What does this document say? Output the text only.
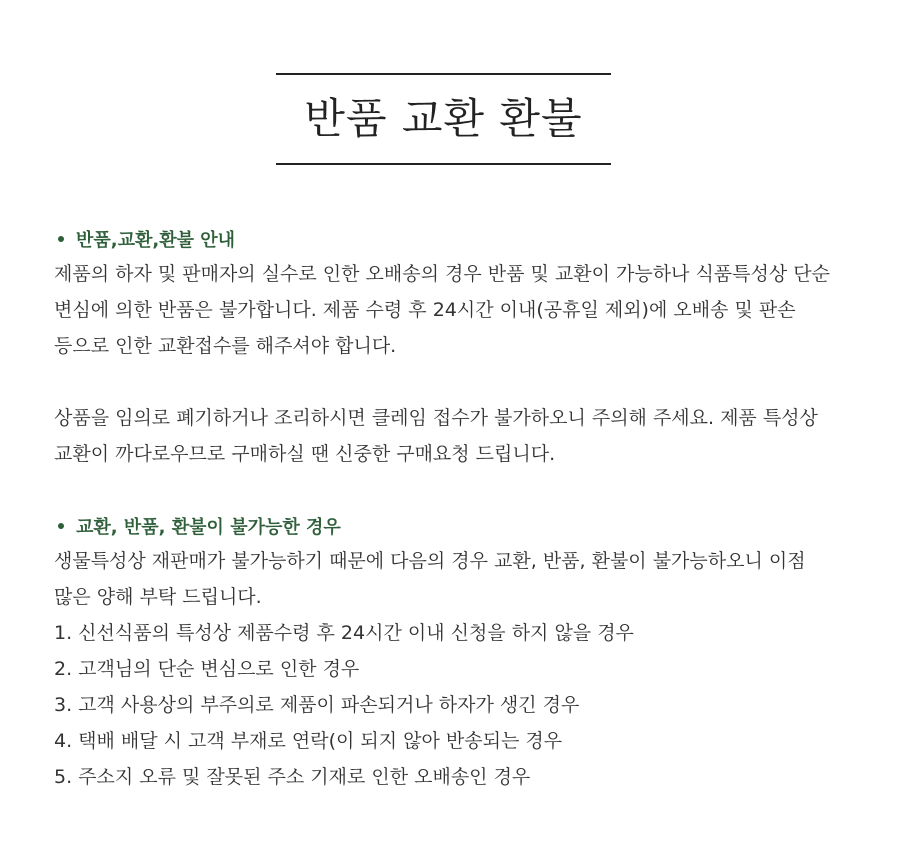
반품 교환 환불
반품,교환,환불 안내
제품의 하자 및 판매자의 실수로 인한 오배송의 경우 반품 및 교환이 가능하나 식품특성상 단순
변심에 의한 반품은 불가합니다. 제품 수령 후 24시간 이내(공휴일 제외)에 오배송 및 판손
등으로 인한 교환접수를 해주셔야 합니다.
상품을 임의로 폐기하거나 조리하시면 클레임 접수가 불가하오니 주의해 주세요. 제품 특성상
교환이 까다로우므로 구매하실 땐 신중한 구매요청 드립니다.
교환, 반품, 환불이 불가능한 경우
생물특성상 재판매가 불가능하기 때문에 다음의 경우 교환, 반품, 환불이 불가능하오니 이점
많은 양해 부탁 드립니다.
1. 신선식품의 특성상 제품수령 후 24시간 이내 신청을 하지 않을 경우
2. 고객님의 단순 변심으로 인한 경우
3. 고객 사용상의 부주의로 제품이 파손되거나 하자가 생긴 경우
4. 택배 배달 시 고객 부재로 연락(이 되지 않아 반송되는 경우
5. 주소지 오류 및 잘못된 주소 기재로 인한 오배송인 경우
